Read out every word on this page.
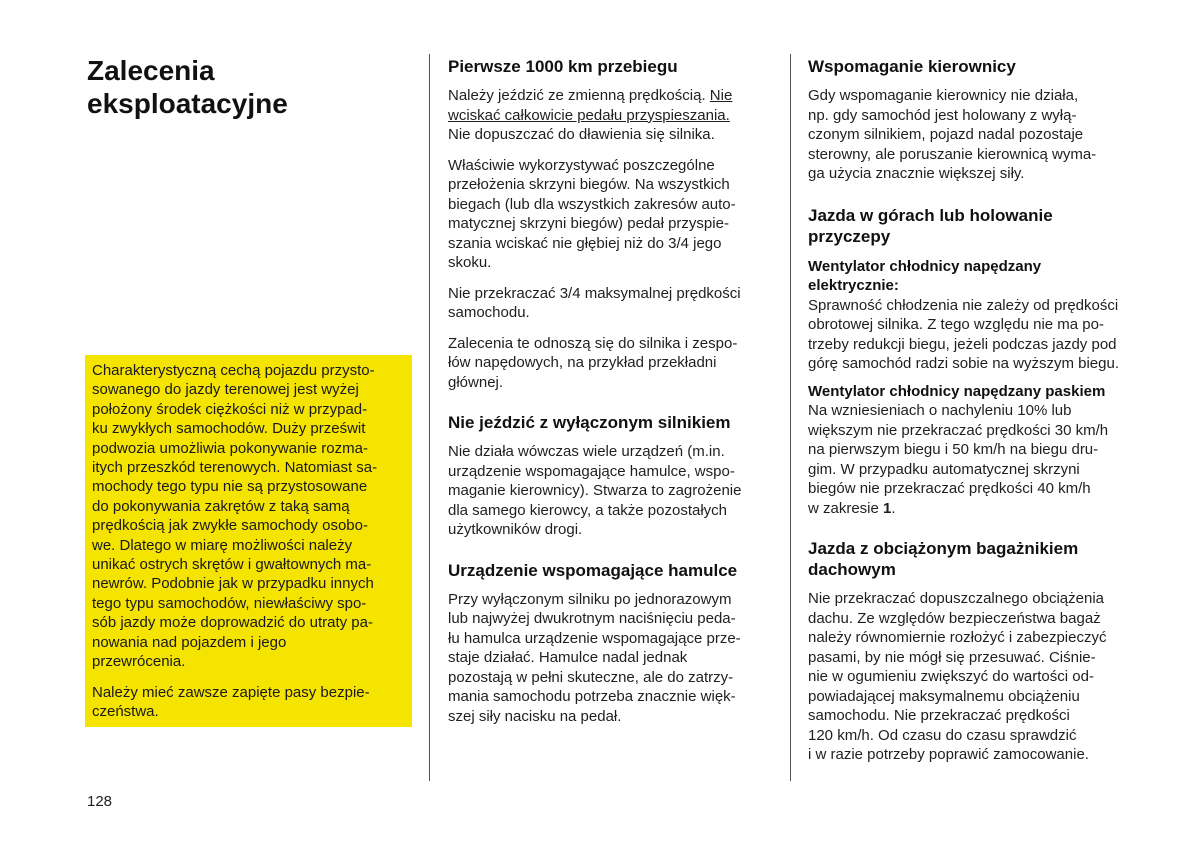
Zalecenia
eksploatacyjne

Charakterystyczną cechą pojazdu przysto-
sowanego do jazdy terenowej jest wyżej
położony środek ciężkości niż w przypad-
ku zwykłych samochodów. Duży prześwit
podwozia umożliwia pokonywanie rozma-
itych przeszkód terenowych. Natomiast sa-
mochody tego typu nie są przystosowane
do pokonywania zakrętów z taką samą
prędkością jak zwykłe samochody osobo-
we. Dlatego w miarę możliwości należy
unikać ostrych skrętów i gwałtownych ma-
newrów. Podobnie jak w przypadku innych
tego typu samochodów, niewłaściwy spo-
sób jazdy może doprowadzić do utraty pa-
nowania nad pojazdem i jego
przewrócenia.

Należy mieć zawsze zapięte pasy bezpie-
czeństwa.

Pierwsze 1000 km przebiegu

Należy jeździć ze zmienną prędkością. Nie
wciskać całkowicie pedału przyspieszania.
Nie dopuszczać do dławienia się silnika.

Właściwie wykorzystywać poszczególne
przełożenia skrzyni biegów. Na wszystkich
biegach (lub dla wszystkich zakresów auto-
matycznej skrzyni biegów) pedał przyspie-
szania wciskać nie głębiej niż do 3/4 jego
skoku.

Nie przekraczać 3/4 maksymalnej prędkości
samochodu.

Zalecenia te odnoszą się do silnika i zespo-
łów napędowych, na przykład przekładni
głównej.

Nie jeździć z wyłączonym silnikiem

Nie działa wówczas wiele urządzeń (m.in.
urządzenie wspomagające hamulce, wspo-
maganie kierownicy). Stwarza to zagrożenie
dla samego kierowcy, a także pozostałych
użytkowników drogi.

Urządzenie wspomagające hamulce

Przy wyłączonym silniku po jednorazowym
lub najwyżej dwukrotnym naciśnięciu peda-
łu hamulca urządzenie wspomagające prze-
staje działać. Hamulce nadal jednak
pozostają w pełni skuteczne, ale do zatrzy-
mania samochodu potrzeba znacznie więk-
szej siły nacisku na pedał.

Wspomaganie kierownicy

Gdy wspomaganie kierownicy nie działa,
np. gdy samochód jest holowany z wyłą-
czonym silnikiem, pojazd nadal pozostaje
sterowny, ale poruszanie kierownicą wyma-
ga użycia znacznie większej siły.

Jazda w górach lub holowanie
przyczepy
Wentylator chłodnicy napędzany
elektrycznie:

Sprawność chłodzenia nie zależy od prędkości
obrotowej silnika. Z tego względu nie ma po-
trzeby redukcji biegu, jeżeli podczas jazdy pod
górę samochód radzi sobie na wyższym biegu.

Wentylator chłodnicy napędzany paskiem

Na wzniesieniach o nachyleniu 10% lub
większym nie przekraczać prędkości 30 km/h
na pierwszym biegu i 50 km/h na biegu dru-
gim. W przypadku automatycznej skrzyni
biegów nie przekraczać prędkości 40 km/h
w zakresie 1.

Jazda z obciążonym bagażnikiem
dachowym

Nie przekraczać dopuszczalnego obciążenia
dachu. Ze względów bezpieczeństwa bagaż
należy równomiernie rozłożyć i zabezpieczyć
pasami, by nie mógł się przesuwać. Ciśnie-
nie w ogumieniu zwiększyć do wartości od-
powiadającej maksymalnemu obciążeniu
samochodu. Nie przekraczać prędkości
120 km/h. Od czasu do czasu sprawdzić
i w razie potrzeby poprawić zamocowanie.

128
